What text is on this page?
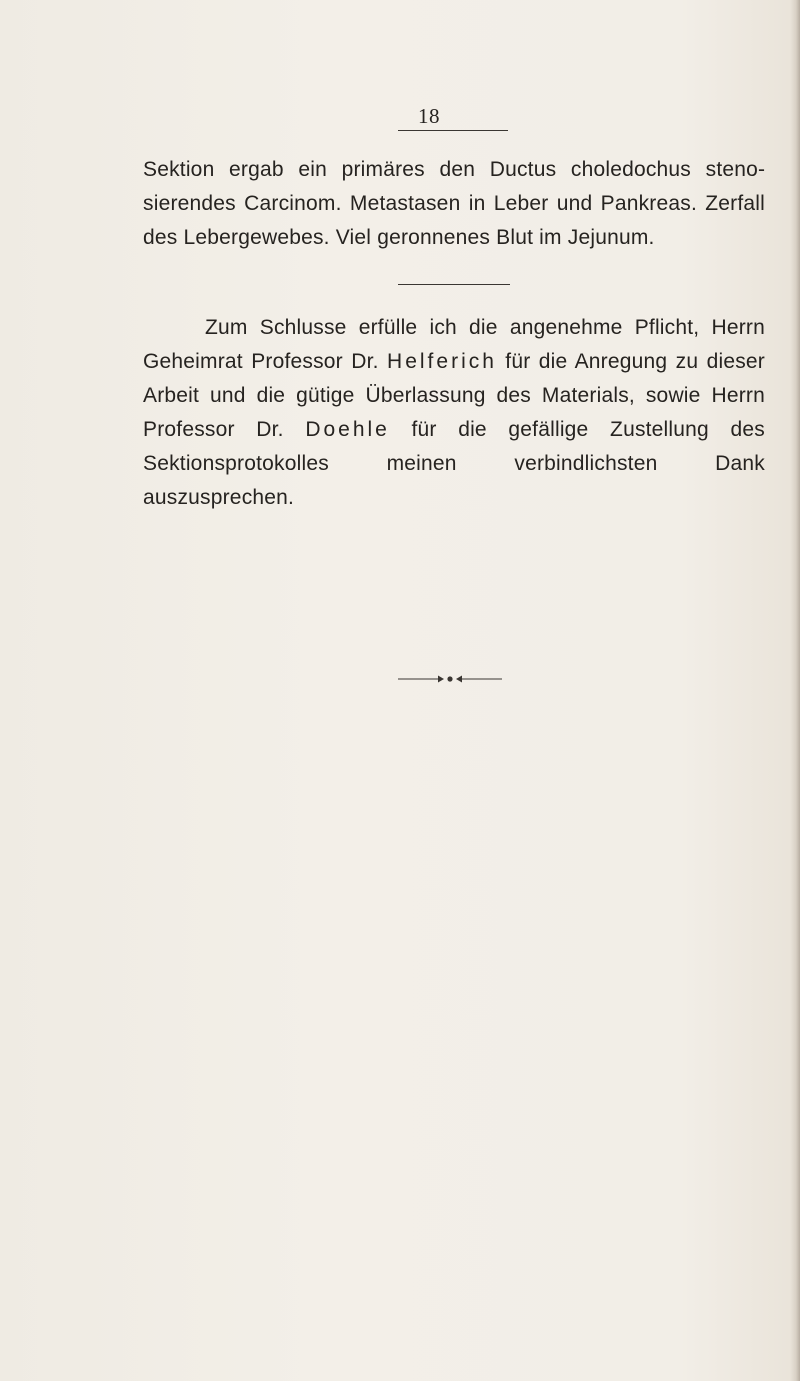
18
Sektion ergab ein primäres den Ductus choledochus stenosierendes Carcinom. Metastasen in Leber und Pankreas. Zerfall des Lebergewebes. Viel geronnenes Blut im Jejunum.
Zum Schlusse erfülle ich die angenehme Pflicht, Herrn Geheimrat Professor Dr. Helferich für die Anregung zu dieser Arbeit und die gütige Überlassung des Materials, sowie Herrn Professor Dr. Doehle für die gefällige Zustellung des Sektionsprotokolles meinen verbindlichsten Dank auszusprechen.
